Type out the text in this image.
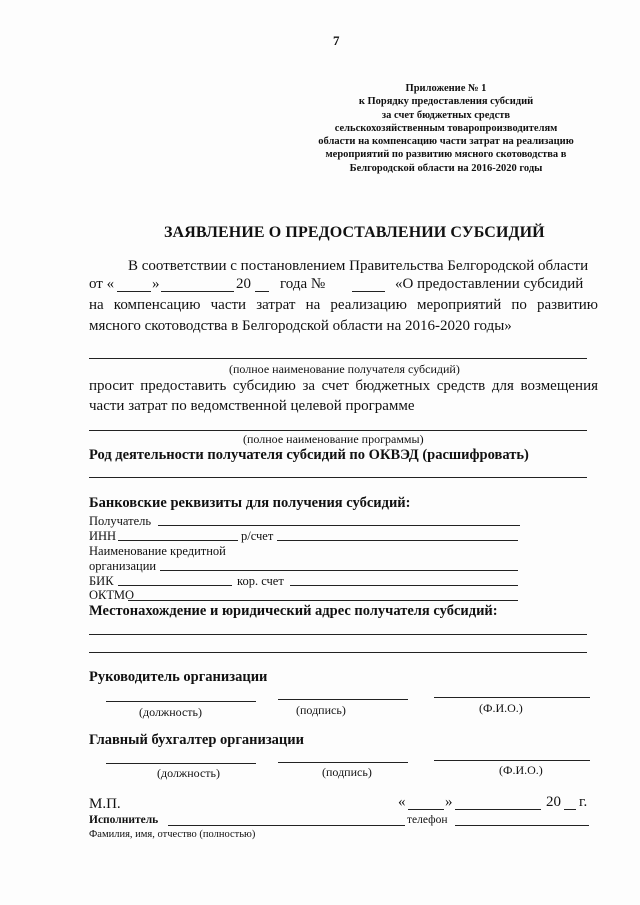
7
Приложение № 1
к Порядку предоставления субсидий
за счет бюджетных средств
сельскохозяйственным товаропроизводителям
области на компенсацию части затрат на реализацию
мероприятий по развитию мясного скотоводства в
Белгородской области на 2016-2020 годы
ЗАЯВЛЕНИЕ О ПРЕДОСТАВЛЕНИИ СУБСИДИЙ
В соответствии с постановлением Правительства Белгородской области
от «	»	20 года №	«О предоставлении субсидий
на компенсацию части затрат на реализацию мероприятий по развитию
мясного скотоводства в Белгородской области на 2016-2020 годы»
(полное наименование получателя субсидий)
просит предоставить субсидию за счет бюджетных средств для возмещения
части затрат по ведомственной целевой программе
(полное наименование программы)
Род деятельности получателя субсидий по ОКВЭД (расшифровать)
Банковские реквизиты для получения субсидий:
Получатель
ИНН	р/счет
Наименование кредитной
организации
БИК	кор. счет
ОКТМО
Местонахождение и юридический адрес получателя субсидий:
Руководитель организации
(должность)	(подпись)	(Ф.И.О.)
Главный бухгалтер организации
(должность)	(подпись)	(Ф.И.О.)
М.П.	«	»	20 г.
Исполнитель	телефон
Фамилия, имя, отчество (полностью)
